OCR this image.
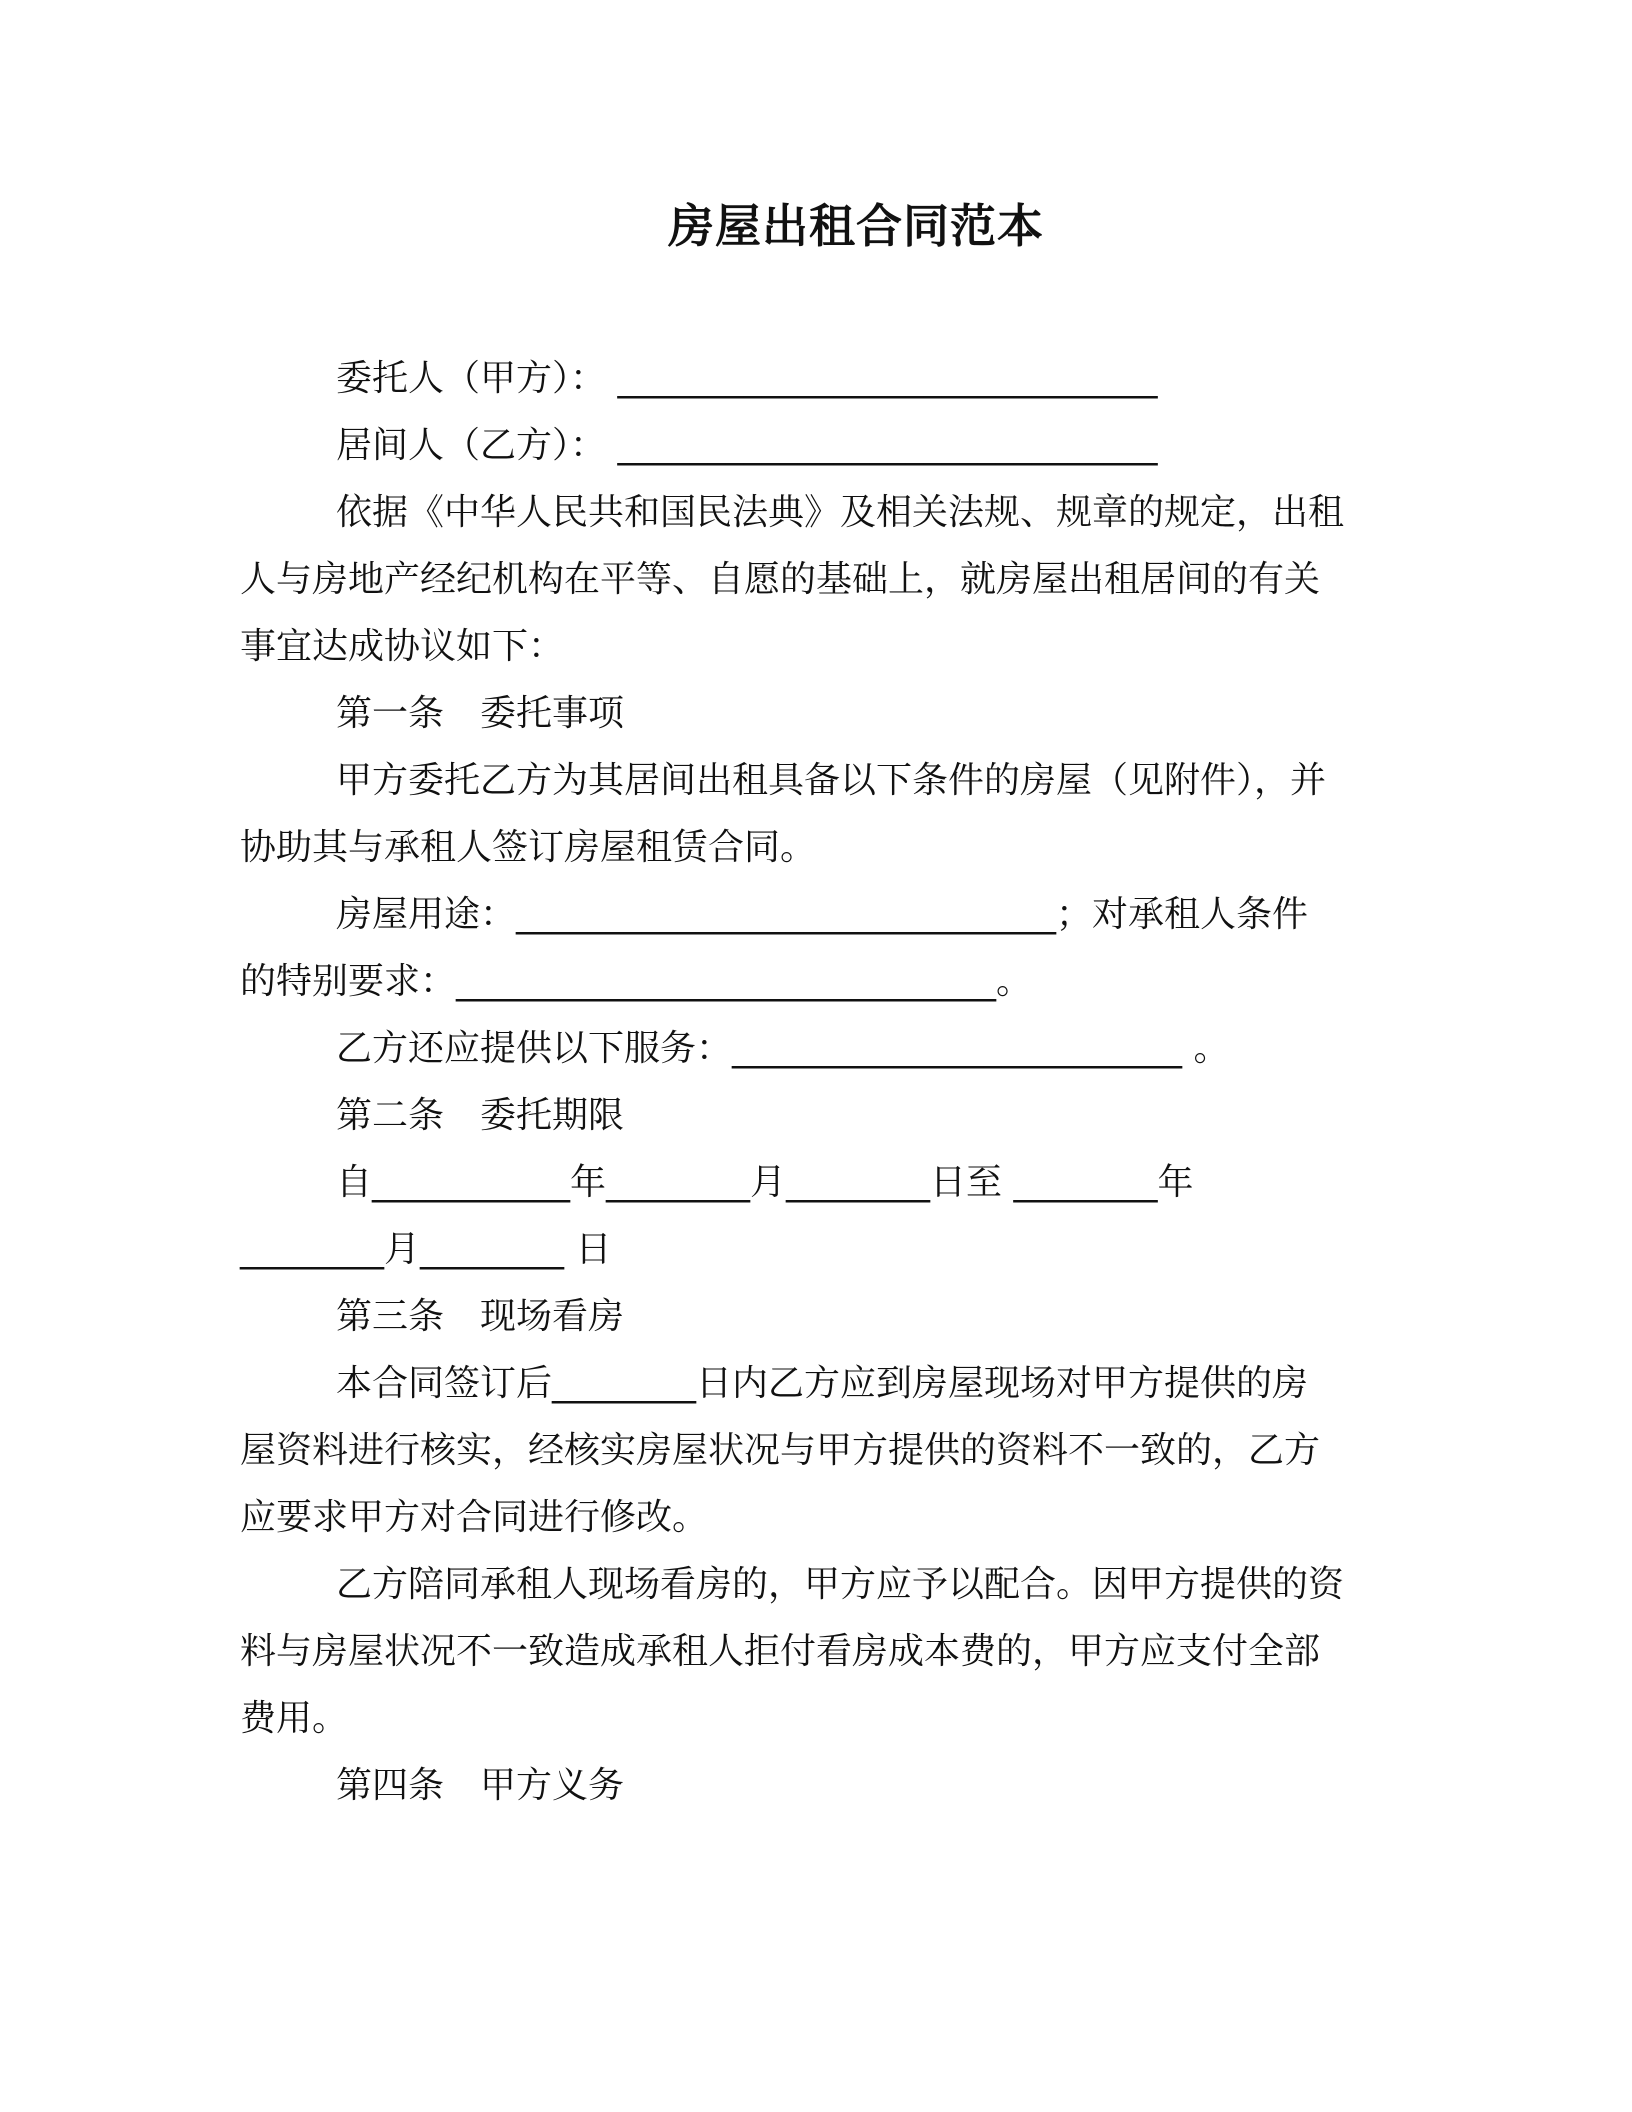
房屋出租合同范本
委托人（甲方）： ______________________________
居间人（乙方）： ______________________________
依据《中华人民共和国民法典》及相关法规、规章的规定，出租
人与房地产经纪机构在平等、自愿的基础上，就房屋出租居间的有关
事宜达成协议如下：
第一条　委托事项
甲方委托乙方为其居间出租具备以下条件的房屋（见附件），并
协助其与承租人签订房屋租赁合同。
房屋用途：______________________________；对承租人条件
的特别要求：______________________________。
乙方还应提供以下服务：_________________________ 。
第二条　委托期限
自___________年________月________日至 ________年
________月________ 日
第三条　现场看房
本合同签订后________日内乙方应到房屋现场对甲方提供的房
屋资料进行核实，经核实房屋状况与甲方提供的资料不一致的，乙方
应要求甲方对合同进行修改。
乙方陪同承租人现场看房的，甲方应予以配合。因甲方提供的资
料与房屋状况不一致造成承租人拒付看房成本费的，甲方应支付全部
费用。
第四条　甲方义务
